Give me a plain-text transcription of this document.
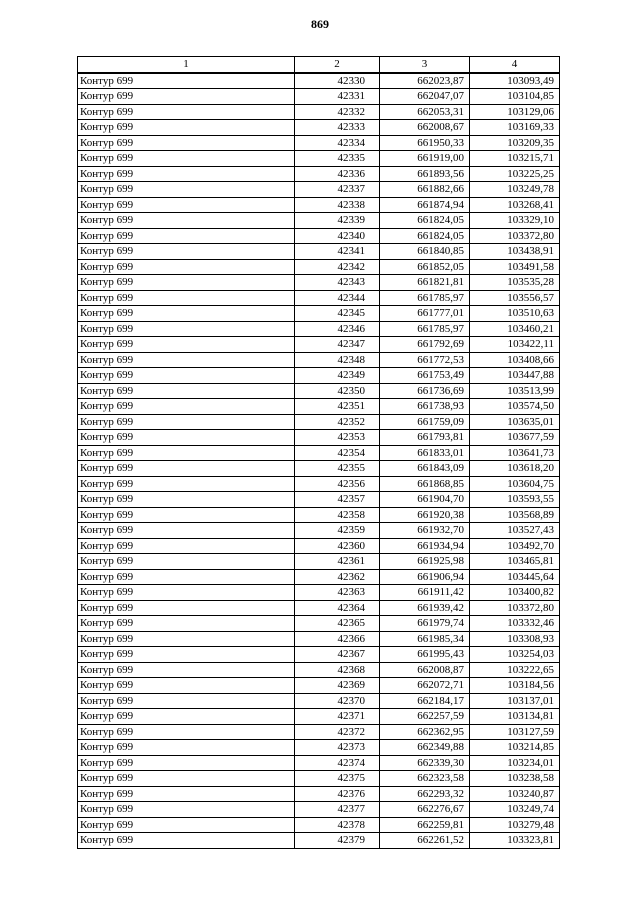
869
1	2	3	4
Контур 699	42330	662023,87	103093,49
Контур 699	42331	662047,07	103104,85
Контур 699	42332	662053,31	103129,06
Контур 699	42333	662008,67	103169,33
Контур 699	42334	661950,33	103209,35
Контур 699	42335	661919,00	103215,71
Контур 699	42336	661893,56	103225,25
Контур 699	42337	661882,66	103249,78
Контур 699	42338	661874,94	103268,41
Контур 699	42339	661824,05	103329,10
Контур 699	42340	661824,05	103372,80
Контур 699	42341	661840,85	103438,91
Контур 699	42342	661852,05	103491,58
Контур 699	42343	661821,81	103535,28
Контур 699	42344	661785,97	103556,57
Контур 699	42345	661777,01	103510,63
Контур 699	42346	661785,97	103460,21
Контур 699	42347	661792,69	103422,11
Контур 699	42348	661772,53	103408,66
Контур 699	42349	661753,49	103447,88
Контур 699	42350	661736,69	103513,99
Контур 699	42351	661738,93	103574,50
Контур 699	42352	661759,09	103635,01
Контур 699	42353	661793,81	103677,59
Контур 699	42354	661833,01	103641,73
Контур 699	42355	661843,09	103618,20
Контур 699	42356	661868,85	103604,75
Контур 699	42357	661904,70	103593,55
Контур 699	42358	661920,38	103568,89
Контур 699	42359	661932,70	103527,43
Контур 699	42360	661934,94	103492,70
Контур 699	42361	661925,98	103465,81
Контур 699	42362	661906,94	103445,64
Контур 699	42363	661911,42	103400,82
Контур 699	42364	661939,42	103372,80
Контур 699	42365	661979,74	103332,46
Контур 699	42366	661985,34	103308,93
Контур 699	42367	661995,43	103254,03
Контур 699	42368	662008,87	103222,65
Контур 699	42369	662072,71	103184,56
Контур 699	42370	662184,17	103137,01
Контур 699	42371	662257,59	103134,81
Контур 699	42372	662362,95	103127,59
Контур 699	42373	662349,88	103214,85
Контур 699	42374	662339,30	103234,01
Контур 699	42375	662323,58	103238,58
Контур 699	42376	662293,32	103240,87
Контур 699	42377	662276,67	103249,74
Контур 699	42378	662259,81	103279,48
Контур 699	42379	662261,52	103323,81
